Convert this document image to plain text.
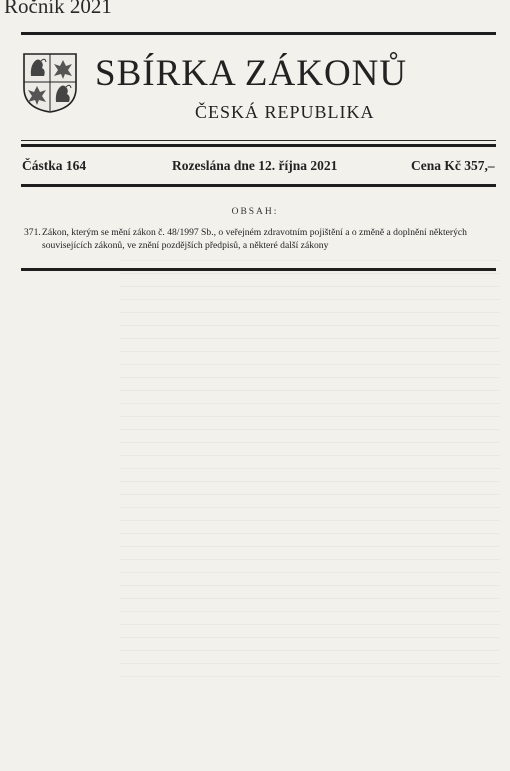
Ročník 2021
SBÍRKA ZÁKONŮ
ČESKÁ REPUBLIKA
Částka 164	Rozeslána dne 12. října 2021	Cena Kč 357,–
OBSAH:
371. Zákon, kterým se mění zákon č. 48/1997 Sb., o veřejném zdravotním pojištění a o změně a doplnění některých souvisejících zákonů, ve znění pozdějších předpisů, a některé další zákony
